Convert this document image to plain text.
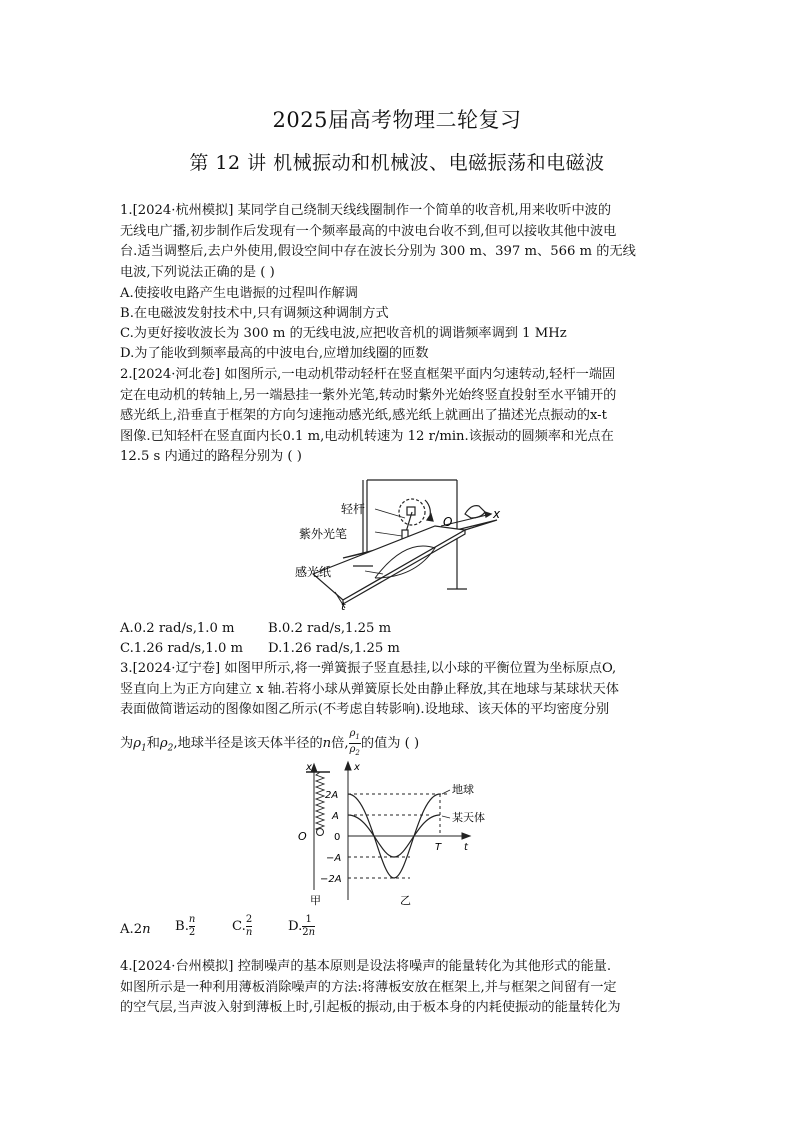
2025届高考物理二轮复习
第 12 讲 机械振动和机械波、电磁振荡和电磁波
1.[2024·杭州模拟] 某同学自己绕制天线线圈制作一个简单的收音机,用来收听中波的
无线电广播,初步制作后发现有一个频率最高的中波电台收不到,但可以接收其他中波电
台.适当调整后,去户外使用,假设空间中存在波长分别为 300 m、397 m、566 m 的无线
电波,下列说法正确的是 ( )
A.使接收电路产生电谐振的过程叫作解调
B.在电磁波发射技术中,只有调频这种调制方式
C.为更好接收波长为 300 m 的无线电波,应把收音机的调谐频率调到 1 MHz
D.为了能收到频率最高的中波电台,应增加线圈的匝数
2.[2024·河北卷] 如图所示,一电动机带动轻杆在竖直框架平面内匀速转动,轻杆一端固
定在电动机的转轴上,另一端悬挂一紫外光笔,转动时紫外光始终竖直投射至水平铺开的
感光纸上,沿垂直于框架的方向匀速拖动感光纸,感光纸上就画出了描述光点振动的x-t
图像.已知轻杆在竖直面内长0.1 m,电动机转速为 12 r/min.该振动的圆频率和光点在
12.5 s 内通过的路程分别为 ( )
轻杆
紫外光笔
感光纸
O
x
t
A.0.2 rad/s,1.0 m	B.0.2 rad/s,1.25 m
C.1.26 rad/s,1.0 m D.1.26 rad/s,1.25 m
3.[2024·辽宁卷] 如图甲所示,将一弹簧振子竖直悬挂,以小球的平衡位置为坐标原点O,
竖直向上为正方向建立 x 轴.若将小球从弹簧原长处由静止释放,其在地球与某球状天体
表面做简谐运动的图像如图乙所示(不考虑自转影响).设地球、该天体的平均密度分别
为$\rho_1$和$\rho_2$,地球半径是该天体半径的n倍, $\frac{\rho_1}{\rho_2}$ 的值为 ( )
x
O
甲
x
2A
A
0
−A
−2A
T t
地球
某天体
乙
A.2n B. $\frac{n}{2}$	C. $\frac{2}{n}$	D. $\frac{1}{2n}$
4.[2024·台州模拟] 控制噪声的基本原则是设法将噪声的能量转化为其他形式的能量.
如图所示是一种利用薄板消除噪声的方法:将薄板安放在框架上,并与框架之间留有一定
的空气层,当声波入射到薄板上时,引起板的振动,由于板本身的内耗使振动的能量转化为
